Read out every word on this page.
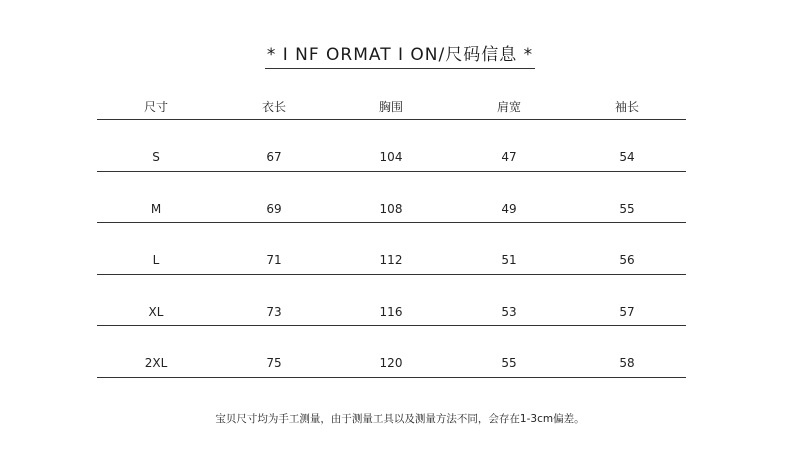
* I NF ORMAT I ON/尺码信息 *
尺寸	衣长	胸围	肩宽	袖长
S	67	104	47	54
M	69	108	49	55
L	71	112	51	56
XL	73	116	53	57
2XL	75	120	55	58
宝贝尺寸均为手工测量，由于测量工具以及测量方法不同，会存在1-3cm偏差。
